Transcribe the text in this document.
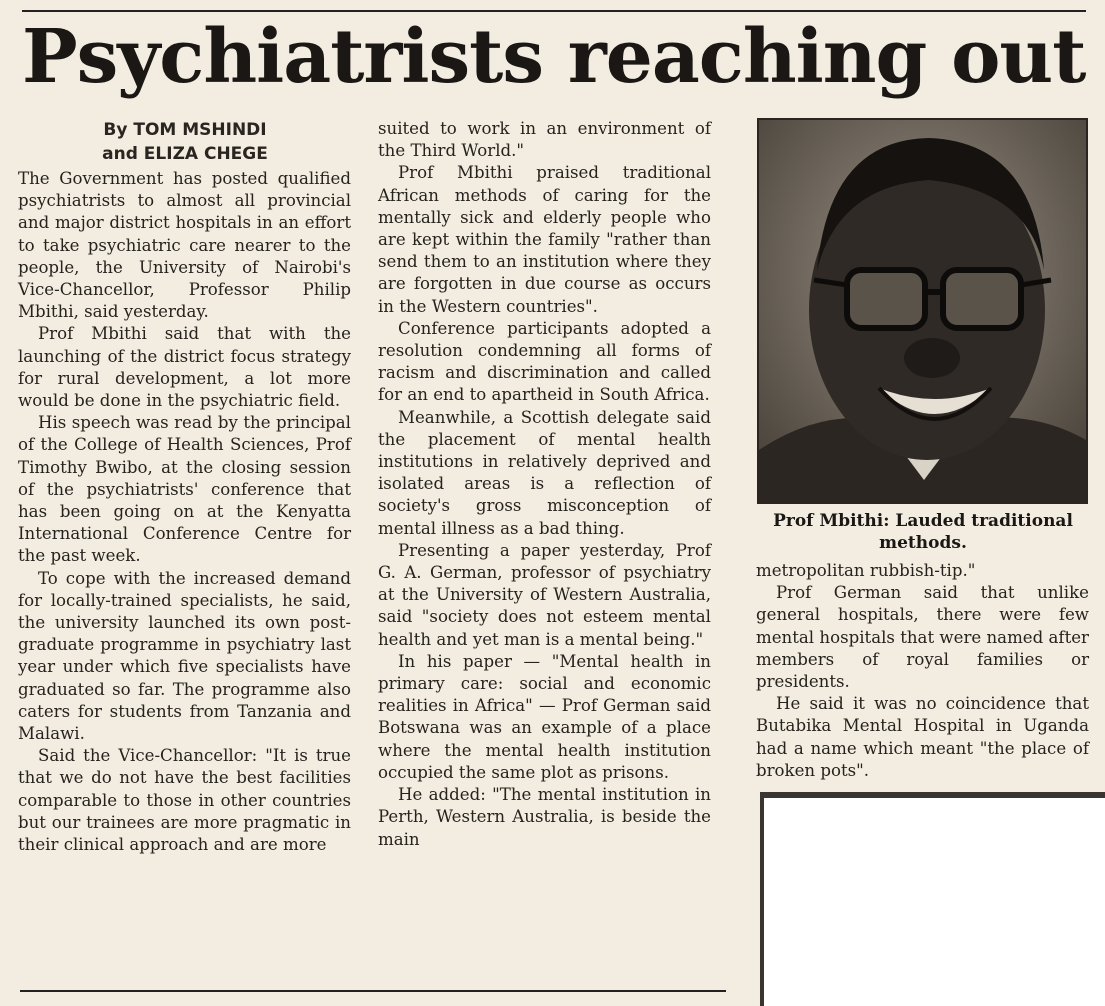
Psychiatrists reaching out
By TOM MSHINDI
and ELIZA CHEGE

The Government has posted qualified psychiatrists to almost all provincial and major district hospitals in an effort to take psychiatric care nearer to the people, the University of Nairobi's Vice-Chancellor, Professor Philip Mbithi, said yesterday.

Prof Mbithi said that with the launching of the district focus strategy for rural development, a lot more would be done in the psychiatric field.

His speech was read by the principal of the College of Health Sciences, Prof Timothy Bwibo, at the closing session of the psychiatrists' conference that has been going on at the Kenyatta International Conference Centre for the past week.

To cope with the increased demand for locally-trained specialists, he said, the university launched its own post-graduate programme in psychiatry last year under which five specialists have graduated so far. The programme also caters for students from Tanzania and Malawi.

Said the Vice-Chancellor: "It is true that we do not have the best facilities comparable to those in other countries but our trainees are more pragmatic in their clinical approach and are more

suited to work in an environment of the Third World."

Prof Mbithi praised traditional African methods of caring for the mentally sick and elderly people who are kept within the family "rather than send them to an institution where they are forgotten in due course as occurs in the Western countries".

Conference participants adopted a resolution condemning all forms of racism and discrimination and called for an end to apartheid in South Africa.

Meanwhile, a Scottish delegate said the placement of mental health institutions in relatively deprived and isolated areas is a reflection of society's gross misconception of mental illness as a bad thing.

Presenting a paper yesterday, Prof G. A. German, professor of psychiatry at the University of Western Australia, said "society does not esteem mental health and yet man is a mental being."

In his paper — "Mental health in primary care: social and economic realities in Africa" — Prof German said Botswana was an example of a place where the mental health institution occupied the same plot as prisons.

He added: "The mental institution in Perth, Western Australia, is beside the main

Prof Mbithi: Lauded traditional methods.

metropolitan rubbish-tip."

Prof German said that unlike general hospitals, there were few mental hospitals that were named after members of royal families or presidents.

He said it was no coincidence that Butabika Mental Hospital in Uganda had a name which meant "the place of broken pots".
